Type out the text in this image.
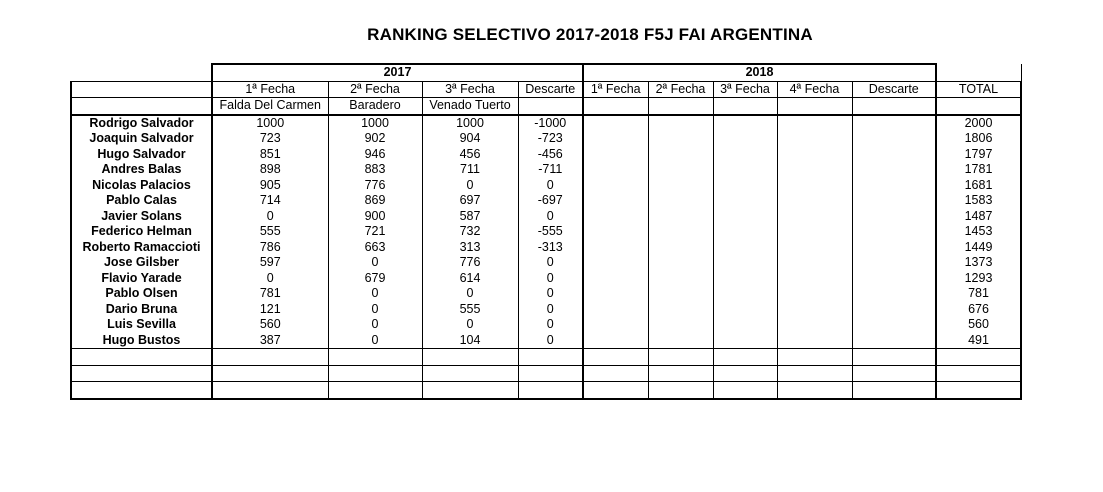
RANKING SELECTIVO 2017-2018 F5J FAI ARGENTINA
	2017				2018					
	1ª Fecha	2ª Fecha	3ª Fecha	Descarte	1ª Fecha	2ª Fecha	3ª Fecha	4ª Fecha	Descarte	TOTAL
	Falda Del Carmen	Baradero	Venado Tuerto							
Rodrigo Salvador	1000	1000	1000	-1000						2000
Joaquin Salvador	723	902	904	-723						1806
Hugo Salvador	851	946	456	-456						1797
Andres Balas	898	883	711	-711						1781
Nicolas Palacios	905	776	0	0						1681
Pablo Calas	714	869	697	-697						1583
Javier Solans	0	900	587	0						1487
Federico Helman	555	721	732	-555						1453
Roberto Ramaccioti	786	663	313	-313						1449
Jose Gilsber	597	0	776	0						1373
Flavio Yarade	0	679	614	0						1293
Pablo Olsen	781	0	0	0						781
Dario Bruna	121	0	555	0						676
Luis Sevilla	560	0	0	0						560
Hugo Bustos	387	0	104	0						491
